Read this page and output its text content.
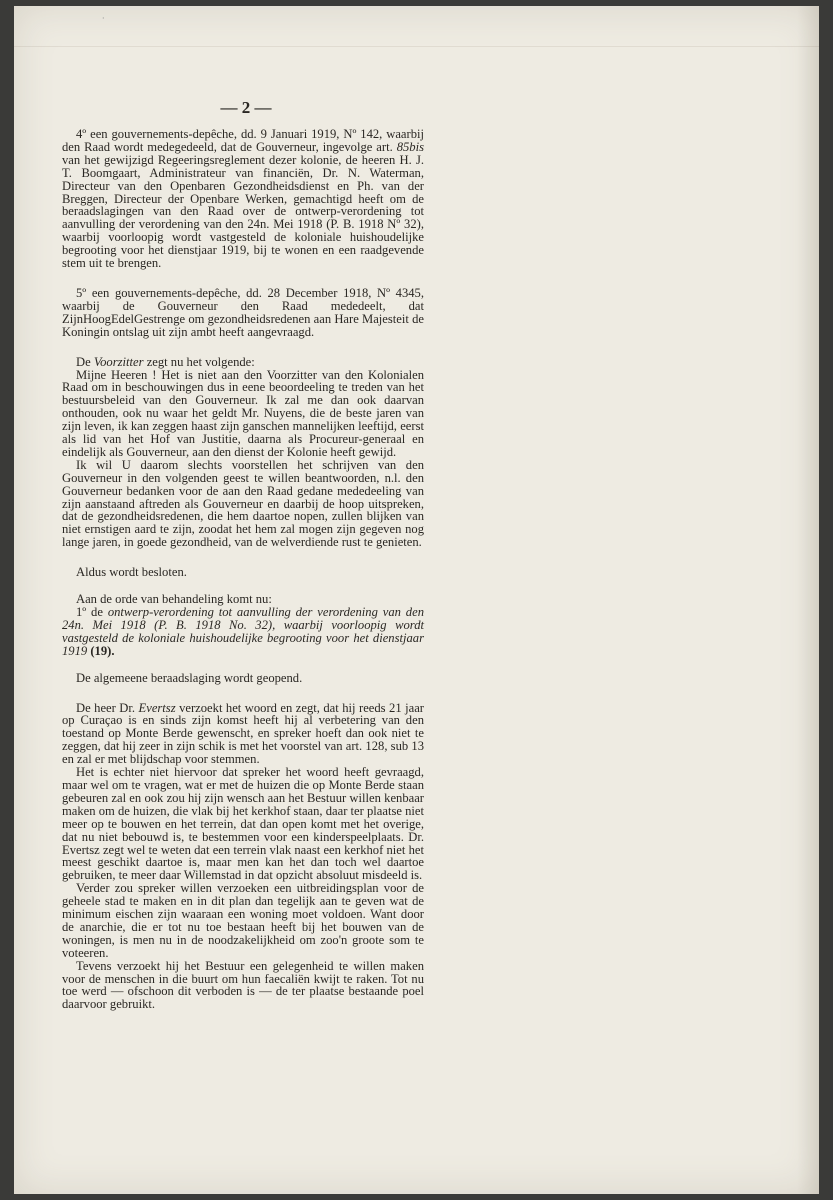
·
— 2 —

4º een gouvernements-depêche, dd. 9 Januari 1919, Nº 142, waarbij den Raad wordt medegedeeld, dat de Gouverneur, ingevolge art. 85bis van het gewijzigd Regeeringsreglement dezer kolonie, de heeren H. J. T. Boomgaart, Administrateur van financiën, Dr. N. Waterman, Directeur van den Openbaren Gezondheidsdienst en Ph. van der Breggen, Directeur der Openbare Werken, gemachtigd heeft om de beraadslagingen van den Raad over de ontwerp-verordening tot aanvulling der verordening van den 24n. Mei 1918 (P. B. 1918 Nº 32), waarbij voorloopig wordt vastgesteld de koloniale huishoudelijke begrooting voor het dienstjaar 1919, bij te wonen en een raadgevende stem uit te brengen.

5º een gouvernements-depêche, dd. 28 December 1918, Nº 4345, waarbij de Gouverneur den Raad mededeelt, dat ZijnHoogEdelGestrenge om gezondheidsredenen aan Hare Majesteit de Koningin ontslag uit zijn ambt heeft aangevraagd.

De Voorzitter zegt nu het volgende:

Mijne Heeren ! Het is niet aan den Voorzitter van den Kolonialen Raad om in beschouwingen dus in eene beoordeeling te treden van het bestuursbeleid van den Gouverneur. Ik zal me dan ook daarvan onthouden, ook nu waar het geldt Mr. Nuyens, die de beste jaren van zijn leven, ik kan zeggen haast zijn ganschen mannelijken leeftijd, eerst als lid van het Hof van Justitie, daarna als Procureur-generaal en eindelijk als Gouverneur, aan den dienst der Kolonie heeft gewijd.

Ik wil U daarom slechts voorstellen het schrijven van den Gouverneur in den volgenden geest te willen beantwoorden, n.l. den Gouverneur bedanken voor de aan den Raad gedane mededeeling van zijn aanstaand aftreden als Gouverneur en daarbij de hoop uitspreken, dat de gezondheidsredenen, die hem daartoe nopen, zullen blijken van niet ernstigen aard te zijn, zoodat het hem zal mogen zijn gegeven nog lange jaren, in goede gezondheid, van de welverdiende rust te genieten.

Aldus wordt besloten.

Aan de orde van behandeling komt nu:

1º de ontwerp-verordening tot aanvulling der verordening van den 24n. Mei 1918 (P. B. 1918 No. 32), waarbij voorloopig wordt vastgesteld de koloniale huishoudelijke begrooting voor het dienstjaar 1919 (19).

De algemeene beraadslaging wordt geopend.

De heer Dr. Evertsz verzoekt het woord en zegt, dat hij reeds 21 jaar op Curaçao is en sinds zijn komst heeft hij al verbetering van den toestand op Monte Berde gewenscht, en spreker hoeft dan ook niet te zeggen, dat hij zeer in zijn schik is met het voorstel van art. 128, sub 13 en zal er met blijdschap voor stemmen.

Het is echter niet hiervoor dat spreker het woord heeft gevraagd, maar wel om te vragen, wat er met de huizen die op Monte Berde staan gebeuren zal en ook zou hij zijn wensch aan het Bestuur willen kenbaar maken om de huizen, die vlak bij het kerkhof staan, daar ter plaatse niet meer op te bouwen en het terrein, dat dan open komt met het overige, dat nu niet bebouwd is, te bestemmen voor een kinderspeelplaats. Dr. Evertsz zegt wel te weten dat een terrein vlak naast een kerkhof niet het meest geschikt daartoe is, maar men kan het dan toch wel daartoe gebruiken, te meer daar Willemstad in dat opzicht absoluut misdeeld is.

Verder zou spreker willen verzoeken een uitbreidingsplan voor de geheele stad te maken en in dit plan dan tegelijk aan te geven wat de minimum eischen zijn waaraan een woning moet voldoen. Want door de anarchie, die er tot nu toe bestaan heeft bij het bouwen van de woningen, is men nu in de noodzakelijkheid om zoo'n groote som te voteeren.

Tevens verzoekt hij het Bestuur een gelegenheid te willen maken voor de menschen in die buurt om hun faecaliën kwijt te raken. Tot nu toe werd — ofschoon dit verboden is — de ter plaatse bestaande poel daarvoor gebruikt.
